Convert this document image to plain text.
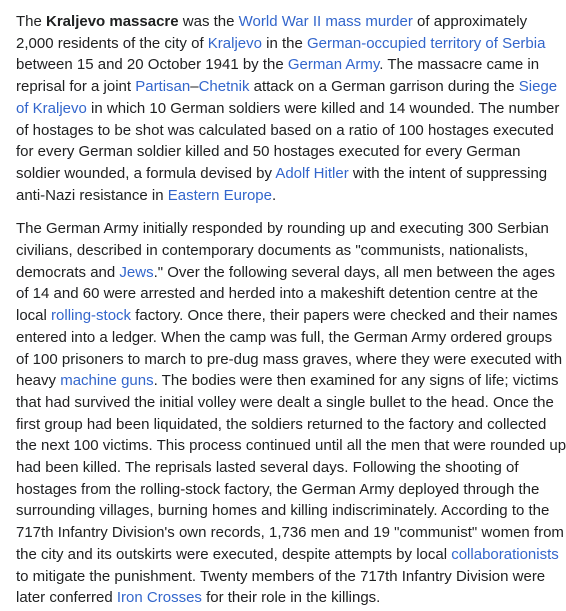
The Kraljevo massacre was the World War II mass murder of approximately
2,000 residents of the city of Kraljevo in the German-occupied territory of Serbia
between 15 and 20 October 1941 by the German Army. The massacre came in
reprisal for a joint Partisan–Chetnik attack on a German garrison during the Siege
of Kraljevo in which 10 German soldiers were killed and 14 wounded. The number
of hostages to be shot was calculated based on a ratio of 100 hostages executed
for every German soldier killed and 50 hostages executed for every German
soldier wounded, a formula devised by Adolf Hitler with the intent of suppressing
anti-Nazi resistance in Eastern Europe.

The German Army initially responded by rounding up and executing 300 Serbian
civilians, described in contemporary documents as "communists, nationalists,
democrats and Jews." Over the following several days, all men between the ages
of 14 and 60 were arrested and herded into a makeshift detention centre at the
local rolling-stock factory. Once there, their papers were checked and their names
entered into a ledger. When the camp was full, the German Army ordered groups
of 100 prisoners to march to pre-dug mass graves, where they were executed with
heavy machine guns. The bodies were then examined for any signs of life; victims
that had survived the initial volley were dealt a single bullet to the head. Once the
first group had been liquidated, the soldiers returned to the factory and collected
the next 100 victims. This process continued until all the men that were rounded up
had been killed. The reprisals lasted several days. Following the shooting of
hostages from the rolling-stock factory, the German Army deployed through the
surrounding villages, burning homes and killing indiscriminately. According to the
717th Infantry Division's own records, 1,736 men and 19 "communist" women from
the city and its outskirts were executed, despite attempts by local collaborationists
to mitigate the punishment. Twenty members of the 717th Infantry Division were
later conferred Iron Crosses for their role in the killings.
